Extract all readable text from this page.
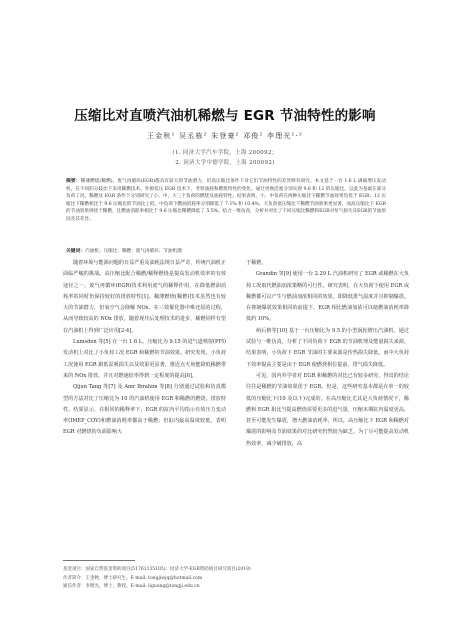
压缩比对直喷汽油机稀燃与 EGR 节油特性的影响
王金秋¹ 吴丞栋² 朱登豪² 邓俊² 李理光¹·²
(1. 同济大学汽车学院，上海 200092；
2. 同济大学中德学院，上海 200092)
摘要：稀薄燃烧(稀燃)、废气再循环(EGR)都具有较大的节油潜力，但高压缩比条件下对它们节油特性的差异鲜有研究。本文基于一台 1.6 L 满载增压发动机，在不同的分歧比下采用稀燃技术、外源低压 EGR 技术下，考察油耗和燃烧特性的变化。通过更换活塞分别实现 9.6 和 12 的压缩比，以此为基础在部分负荷工况，稀燃及 EGR 条件下分别研究了小、中、大三个负荷的燃烧及油耗特性。结果表明，小、中负荷在两种压缩比下稀燃节油效果均优于 EGR；12 压缩比下稀燃相比于 9.6 压缩比的节油比上低，中负荷下燃油消耗率分别降低了 7.1% 和 10.4%。大负荷低压缩比下稀燃节油效果更显著，而高压缩比下 EGR 的节油效果则优于稀燃，且燃油消耗率相比于 9.6 压缩比稀燃降低了 5.5%。结合一维仿真，分析并对比了不同压缩比稀燃和EGR对泵气损失及EGR的节油原因及其差异。
关键词：汽油机；压缩比；稀燃；废气再循环；节油机理

随着环境与能源问题的日益严重及油耗法规日益严苛，传统汽油机正面临严峻的挑战。高压缩比配合稀燃/稀释燃烧是提高发动机效率的有效途径之一。废气再循环(EGR)技术利用废气的稀释作用，在降低燃油消耗率的同时仍保持较好的排放特性[1]。稀薄燃烧(稀燃)技术虽然也有较大的节油潜力，但氧空气会降解 NOx，在三效催化器中难还原的过程，从而导致较高的 NOx 排放。随着现代后处理技术的进步，稀燃同样有望在汽油机上得到广泛应用[2-4]。

Lumsden 等[5] 在一台 1.6 L、压缩比为 9.15 的进气道喷射(PFI)发动机上对比了小负荷工况 EGR 和稀燃的节油效果。研究发现，小负荷工况使用 EGR 跟低泵吸损失以及效果更显著，推迟点火角能降低稀燃带来的 NOx 排放，并且对燃速给率得到一定程度的提高[6]。

Qijun Tang 等[7] 及 Amr Ibrahim 等[8] 分别通过试验和仿真模型的方法对比了压缩比为 10 的汽油机使用 EGR 和稀燃的燃烧，排放特性。结果显示，在相同的稀释率下，EGR 的缸内平均指示有效压力变动率(IMEP_COV)和燃油消耗率都高于稀燃；但缸内最高温度较低，表明 EGR 对燃烧的负面影响大

于稀燃。

Grandin 等[9] 使用一台 2.29 L 汽油机研究了 EGR 或稀燃在大负荷工况取代燃油加浓策略的可行性。研究表明，在大负荷下使用 EGR 或稀燃都可以产生与燃油加浓相同的效果，即降低排气温度并且抑制爆震。在抑制爆震效果相同的前提下，EGR 相比燃油加浓可以使燃油消耗率降低约 10%。

萌后格等[10] 基于一台压缩比为 9.5 的小型涡轮增压汽油机，通过试验与一维仿真，分析了不同负荷下 EGR 的节油机理及能量损失来源。结果表明，小负荷下 EGR 节油的主要来源是传热损失降低，而中大负荷下效率提高主要是由于 EGR 使燃烧相位提前、排气损失降低。

可见，国内外学者对 EGR 和稀燃的对比已有较多研究，得出的结论往往是稀燃的节油效果优于 EGR。但是，这些研究基本都是在单一的较低的压缩比下(10 及以下)完成的。在高压缩比尤其是大负荷情况下，稀燃和 EGR 相比当提高燃烧需要更多的进气量，压缩末期缸内温度更高，甚至可能发生爆震，增大燃油消耗率，所以，高压缩比下 EGR 和稀燃对爆震的影响及节油效果的对比研究仍然较为缺乏。为了尽可能提高发动机热效率，减少破排放，高

基金项目：国家自然基金资助项目(51761135105)；同济大学-EGR资助项目研究项目(2019)
作者简介：王金秋，博士研究生。E-mail: tongjiwjq@hotmail.com
通信作者：李理光，博士，教授。E-mail: liguang@tongji.edu.cn
